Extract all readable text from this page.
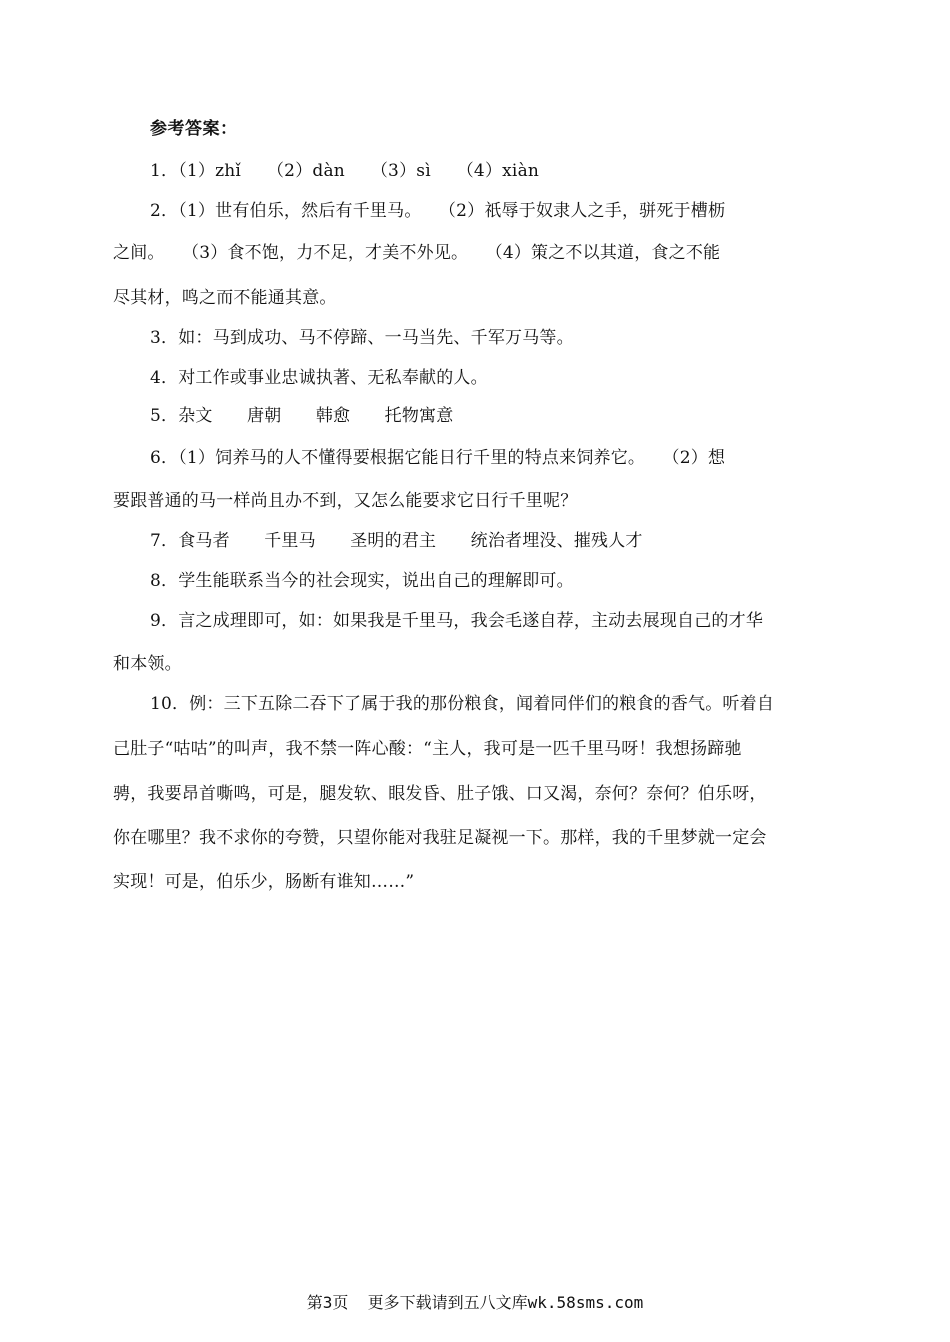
参考答案：
1．（1）zhǐ　　（2）dàn　　（3）sì　　（4）xiàn
2．（1）世有伯乐，然后有千里马。　　（2）祇辱于奴隶人之手，骈死于槽枥
之间。　　（3）食不饱，力不足，才美不外见。　　（4）策之不以其道，食之不能
尽其材，鸣之而不能通其意。
3．如：马到成功、马不停蹄、一马当先、千军万马等。
4．对工作或事业忠诚执著、无私奉献的人。
5．杂文　　唐朝　　韩愈　　托物寓意
6．（1）饲养马的人不懂得要根据它能日行千里的特点来饲养它。　　（2）想
要跟普通的马一样尚且办不到，又怎么能要求它日行千里呢？
7．食马者　　千里马　　圣明的君主　　统治者埋没、摧残人才
8．学生能联系当今的社会现实，说出自己的理解即可。
9．言之成理即可，如：如果我是千里马，我会毛遂自荐，主动去展现自己的才华
和本领。
10．例：三下五除二吞下了属于我的那份粮食，闻着同伴们的粮食的香气。听着自
己肚子“咕咕”的叫声，我不禁一阵心酸：“主人，我可是一匹千里马呀！我想扬蹄驰
骋，我要昂首嘶鸣，可是，腿发软、眼发昏、肚子饿、口又渴，奈何？奈何？伯乐呀，
你在哪里？我不求你的夸赞，只望你能对我驻足凝视一下。那样，我的千里梦就一定会
实现！可是，伯乐少，肠断有谁知……”
第3页  更多下载请到五八文库wk.58sms.com
